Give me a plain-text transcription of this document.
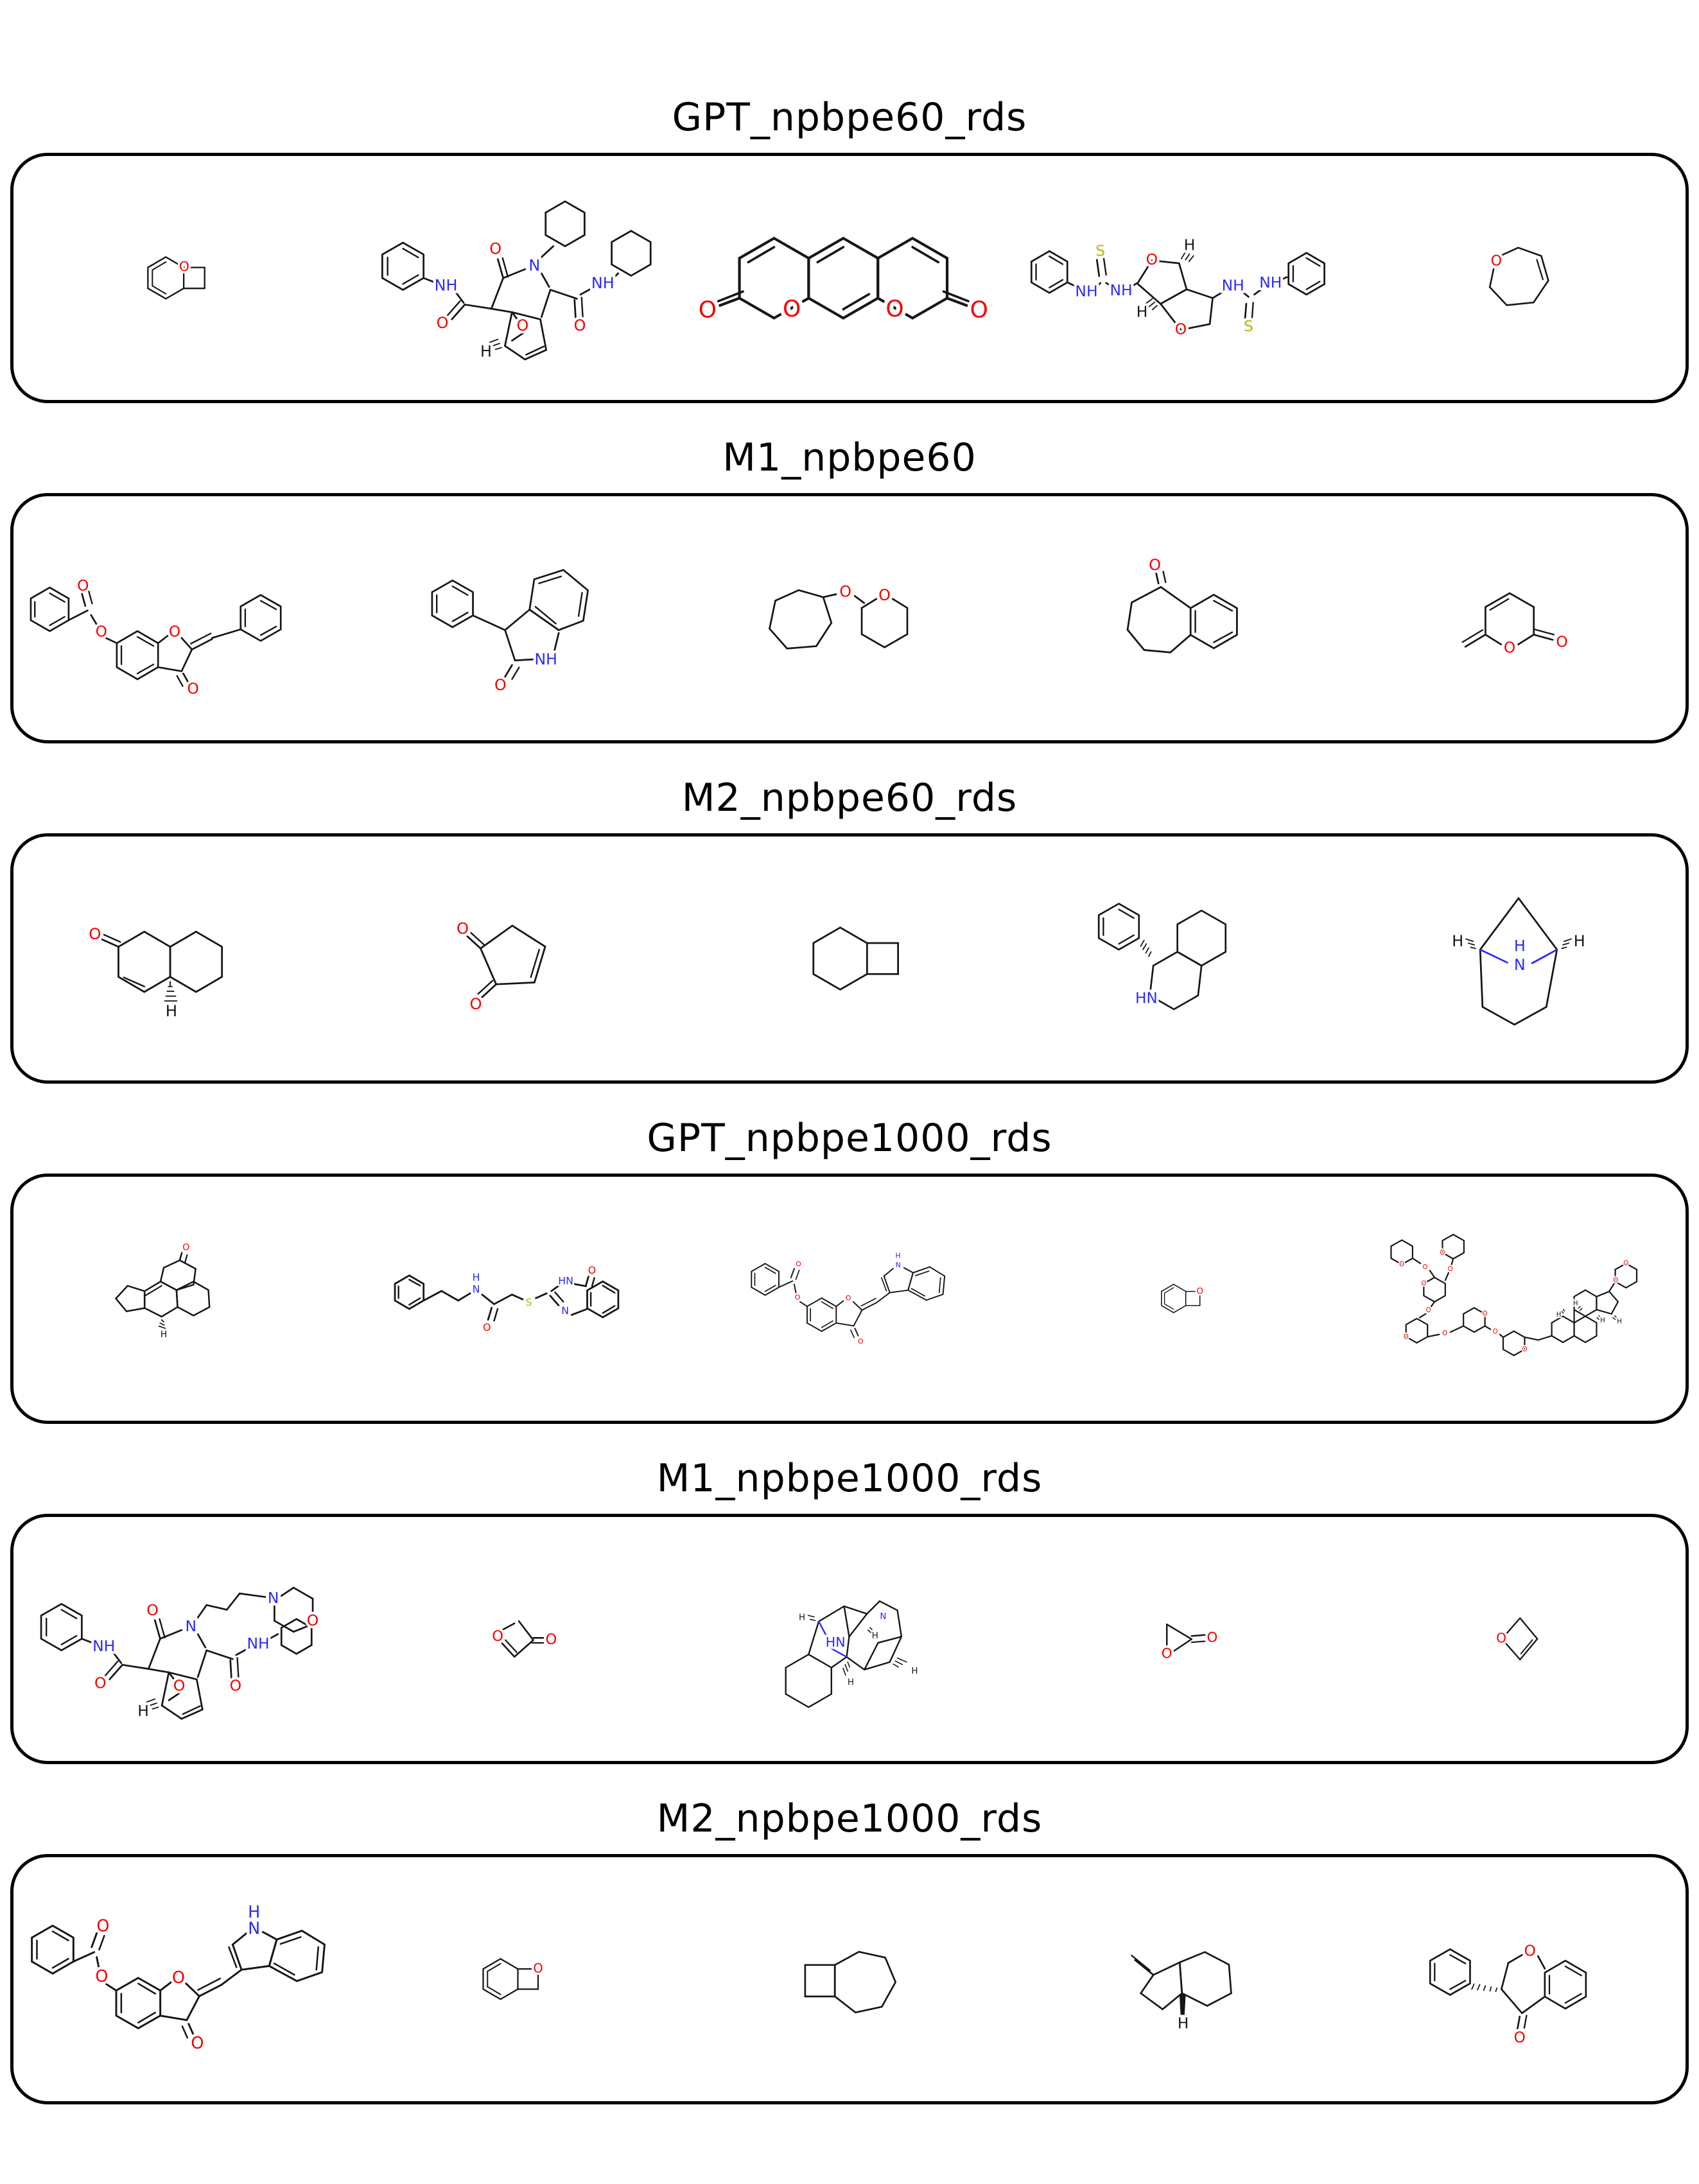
GPT_npbpe60_rds
O
NH
O
O
N
O
H
O
NH
O	O	O	O
NH
S
NH
O
H
O
H
NH
S
NH
O
M1_npbpe60
O
O	O
O
NH
O
O O
O
O O
M2_npbpe60_rds
O
H
O
O	HN
N
H
H	H
GPT_npbpe1000_rds
O
H
N
H
O
S
HN
N
O	O
O	O
O
H
N
O
O O
O
O
O
O
O	O
O
O
O
O
O
H
H
H
H
M1_npbpe1000_rds
NH
O
O
N
N
O
O
H
O
NH	O	O
H
HN
N
H
H
H
O
O	O
M2_npbpe1000_rds
O
O	O
O
H
N
O
H
O
O
